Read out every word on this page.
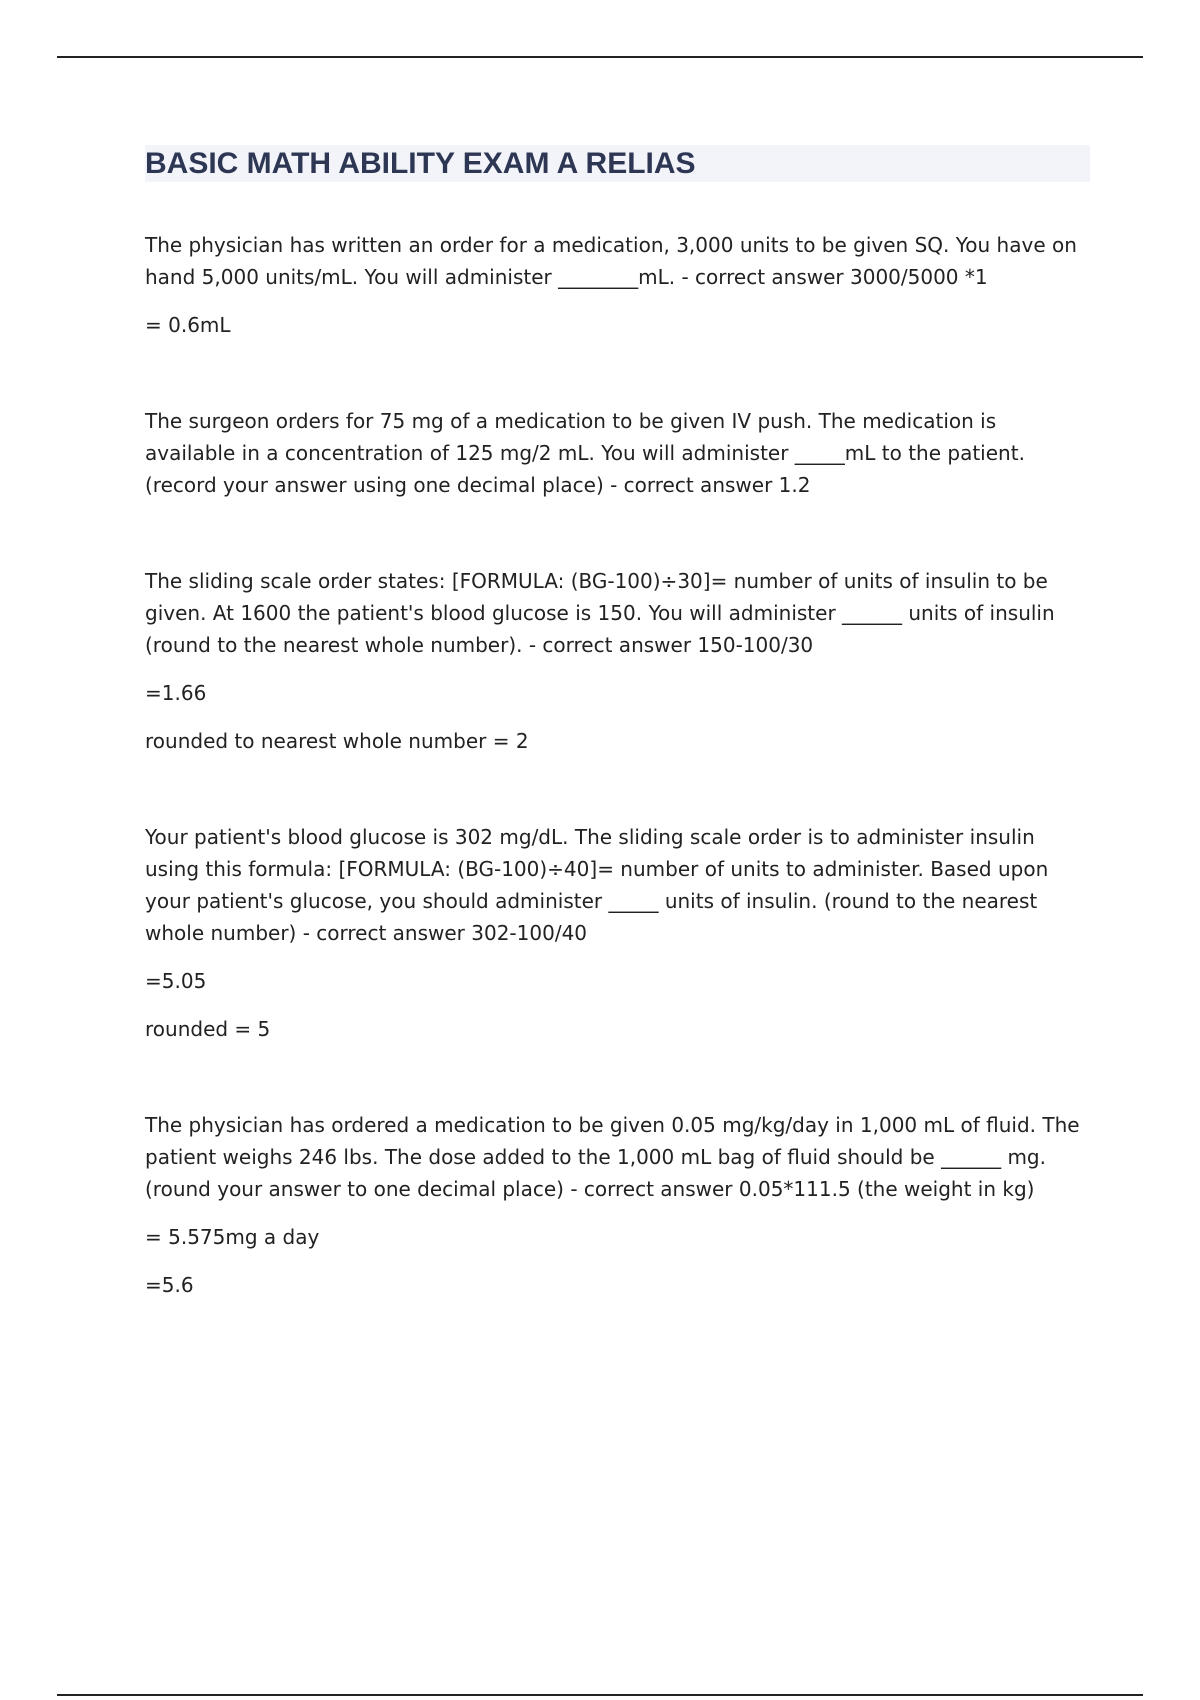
BASIC MATH ABILITY EXAM A RELIAS

The physician has written an order for a medication, 3,000 units to be given SQ. You have on hand 5,000 units/mL. You will administer ________mL. - correct answer 3000/5000 *1

= 0.6mL

The surgeon orders for 75 mg of a medication to be given IV push. The medication is available in a concentration of 125 mg/2 mL. You will administer _____mL to the patient. (record your answer using one decimal place) - correct answer 1.2

The sliding scale order states: [FORMULA: (BG-100)÷30]= number of units of insulin to be given. At 1600 the patient's blood glucose is 150. You will administer ______ units of insulin (round to the nearest whole number). - correct answer 150-100/30

=1.66

rounded to nearest whole number = 2

Your patient's blood glucose is 302 mg/dL. The sliding scale order is to administer insulin using this formula: [FORMULA: (BG-100)÷40]= number of units to administer. Based upon your patient's glucose, you should administer _____ units of insulin. (round to the nearest whole number) - correct answer 302-100/40

=5.05

rounded = 5

The physician has ordered a medication to be given 0.05 mg/kg/day in 1,000 mL of fluid. The patient weighs 246 lbs. The dose added to the 1,000 mL bag of fluid should be ______ mg. (round your answer to one decimal place) - correct answer 0.05*111.5 (the weight in kg)

= 5.575mg a day

=5.6
